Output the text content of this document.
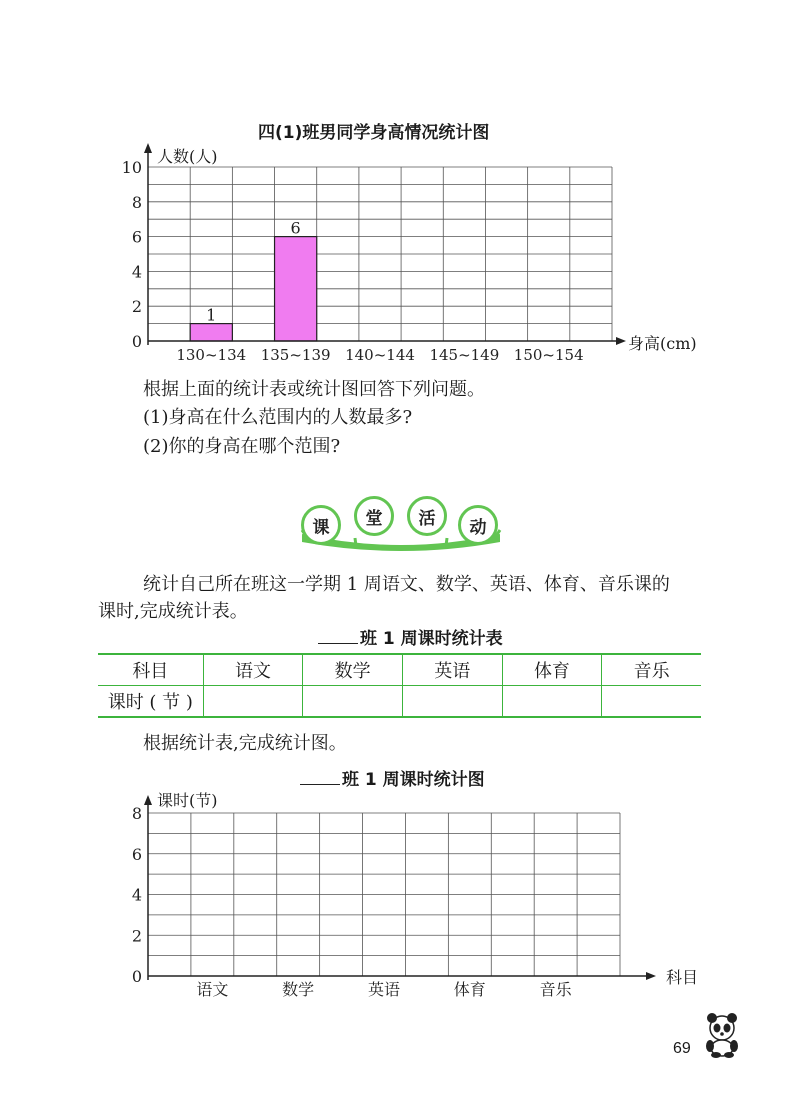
四(1)班男同学身高情况统计图
0
2
4
6
8
10
130~134
1
135~139
6
140~144 145~149 150~154
人数(人)
身高(cm)
根据上面的统计表或统计图回答下列问题。
(1)身高在什么范围内的人数最多?
(2)你的身高在哪个范围?
课	堂	活	动
统计自己所在班这一学期 1 周语文、数学、英语、体育、音乐课的
课时,完成统计表。
班 1 周课时统计表
科目	语文	数学	英语	体育	音乐
课时 ( 节 )					
根据统计表,完成统计图。
班 1 周课时统计图
0
2
4
6
8
语文	数学	英语	体育	音乐
课时(节)
科目
69
